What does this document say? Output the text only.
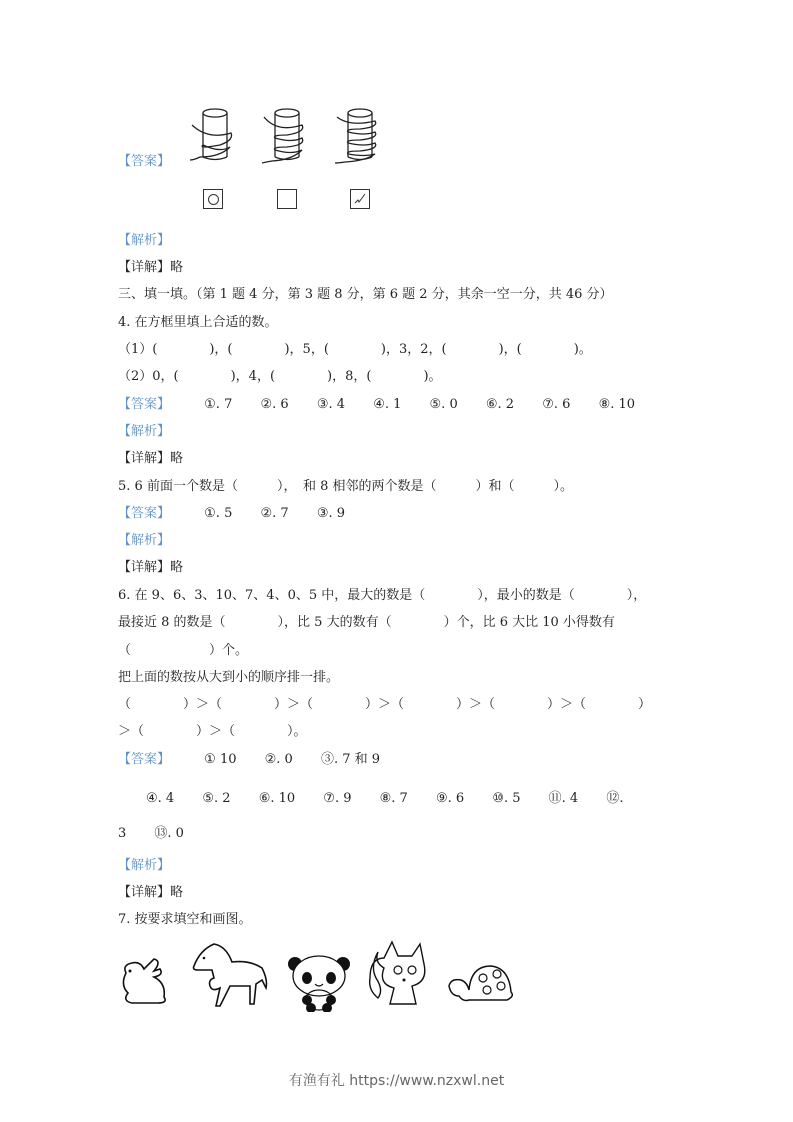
【答案】
【解析】
【详解】略
三、填一填。（第 1 题 4 分，第 3 题 8 分，第 6 题 2 分，其余一空一分，共 46 分）
4. 在方框里填上合适的数。
（1）(　　　　)，(　　　　)，5，(　　　　)，3，2，(　　　　)，(　　　　)。
（2）0，(　　　　)，4，(　　　　)，8，(　　　　)。
【答案】	①. 7 ②. 6 ③. 4 ④. 1 ⑤. 0 ⑥. 2 ⑦. 6 ⑧. 10
【解析】
【详解】略
5. 6 前面一个数是（　　　），　和 8 相邻的两个数是（　　　）和（　　　）。
【答案】	①. 5 ②. 7 ③. 9
【解析】
【详解】略
6. 在 9、6、3、10、7、4、0、5 中，最大的数是（　　　　），最小的数是（　　　　），
最接近 8 的数是（　　　　），比 5 大的数有（　　　　）个，比 6 大比 10 小得数有
（　　　　　　）个。
把上面的数按从大到小的顺序排一排。
（　　　　）＞（　　　　）＞（　　　　）＞（　　　　）＞（　　　　）＞（　　　　）
＞（　　　　）＞（　　　　）。
【答案】	① 10 ②. 0 ③. 7 和 9
④. 4 ⑤. 2 ⑥. 10 ⑦. 9 ⑧. 7 ⑨. 6 ⑩. 5 ⑪. 4 ⑫.
3 ⑬. 0
【解析】
【详解】略
7. 按要求填空和画图。
有渔有礼 https://www.nzxwl.net
